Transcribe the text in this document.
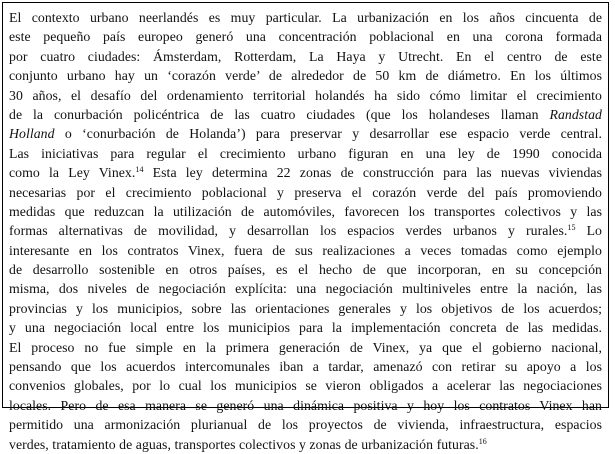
El contexto urbano neerlandés es muy particular. La urbanización en los años cincuenta de
este pequeño país europeo generó una concentración poblacional en una corona formada
por cuatro ciudades: Ámsterdam, Rotterdam, La Haya y Utrecht. En el centro de este
conjunto urbano hay un ‘corazón verde’ de alrededor de 50 km de diámetro. En los últimos
30 años, el desafío del ordenamiento territorial holandés ha sido cómo limitar el crecimiento
de la conurbación policéntrica de las cuatro ciudades (que los holandeses llaman Randstad
Holland o ‘conurbación de Holanda’) para preservar y desarrollar ese espacio verde central.
Las iniciativas para regular el crecimiento urbano figuran en una ley de 1990 conocida
como la Ley Vinex.$^{14}$ Esta ley determina 22 zonas de construcción para las nuevas viviendas
necesarias por el crecimiento poblacional y preserva el corazón verde del país promoviendo
medidas que reduzcan la utilización de automóviles, favorecen los transportes colectivos y las
formas alternativas de movilidad, y desarrollan los espacios verdes urbanos y rurales.$^{15}$ Lo
interesante en los contratos Vinex, fuera de sus realizaciones a veces tomadas como ejemplo
de desarrollo sostenible en otros países, es el hecho de que incorporan, en su concepción
misma, dos niveles de negociación explícita: una negociación multiniveles entre la nación, las
provincias y los municipios, sobre las orientaciones generales y los objetivos de los acuerdos;
y una negociación local entre los municipios para la implementación concreta de las medidas.
El proceso no fue simple en la primera generación de Vinex, ya que el gobierno nacional,
pensando que los acuerdos intercomunales iban a tardar, amenazó con retirar su apoyo a los
convenios globales, por lo cual los municipios se vieron obligados a acelerar las negociaciones
locales. Pero de esa manera se generó una dinámica positiva y hoy los contratos Vinex han
permitido una armonización plurianual de los proyectos de vivienda, infraestructura, espacios
verdes, tratamiento de aguas, transportes colectivos y zonas de urbanización futuras.$^{16}$
